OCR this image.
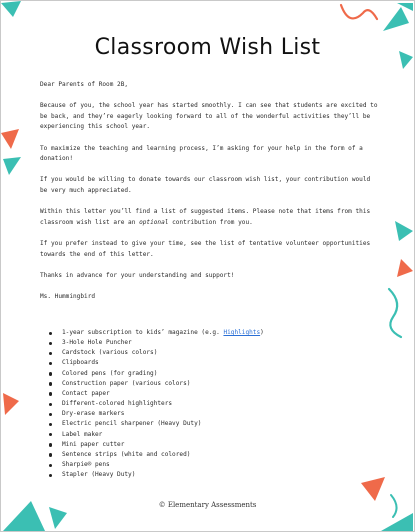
Classroom Wish List

Dear Parents of Room 2B,

Because of you, the school year has started smoothly. I can see that students are excited to be back, and they’re eagerly looking forward to all of the wonderful activities they’ll be experiencing this school year.

To maximize the teaching and learning process, I’m asking for your help in the form of a donation!

If you would be willing to donate towards our classroom wish list, your contribution would be very much appreciated.

Within this letter you’ll find a list of suggested items. Please note that items from this classroom wish list are an optional contribution from you.

If you prefer instead to give your time, see the list of tentative volunteer opportunities towards the end of this letter.

Thanks in advance for your understanding and support!

Ms. Hummingbird

1-year subscription to kids’ magazine (e.g. Highlights)
3-Hole Hole Puncher
Cardstock (various colors)
Clipboards
Colored pens (for grading)
Construction paper (various colors)
Contact paper
Different-colored highlighters
Dry-erase markers
Electric pencil sharpener (Heavy Duty)
Label maker
Mini paper cutter
Sentence strips (white and colored)
Sharpie® pens
Stapler (Heavy Duty)
© Elementary Assessments
